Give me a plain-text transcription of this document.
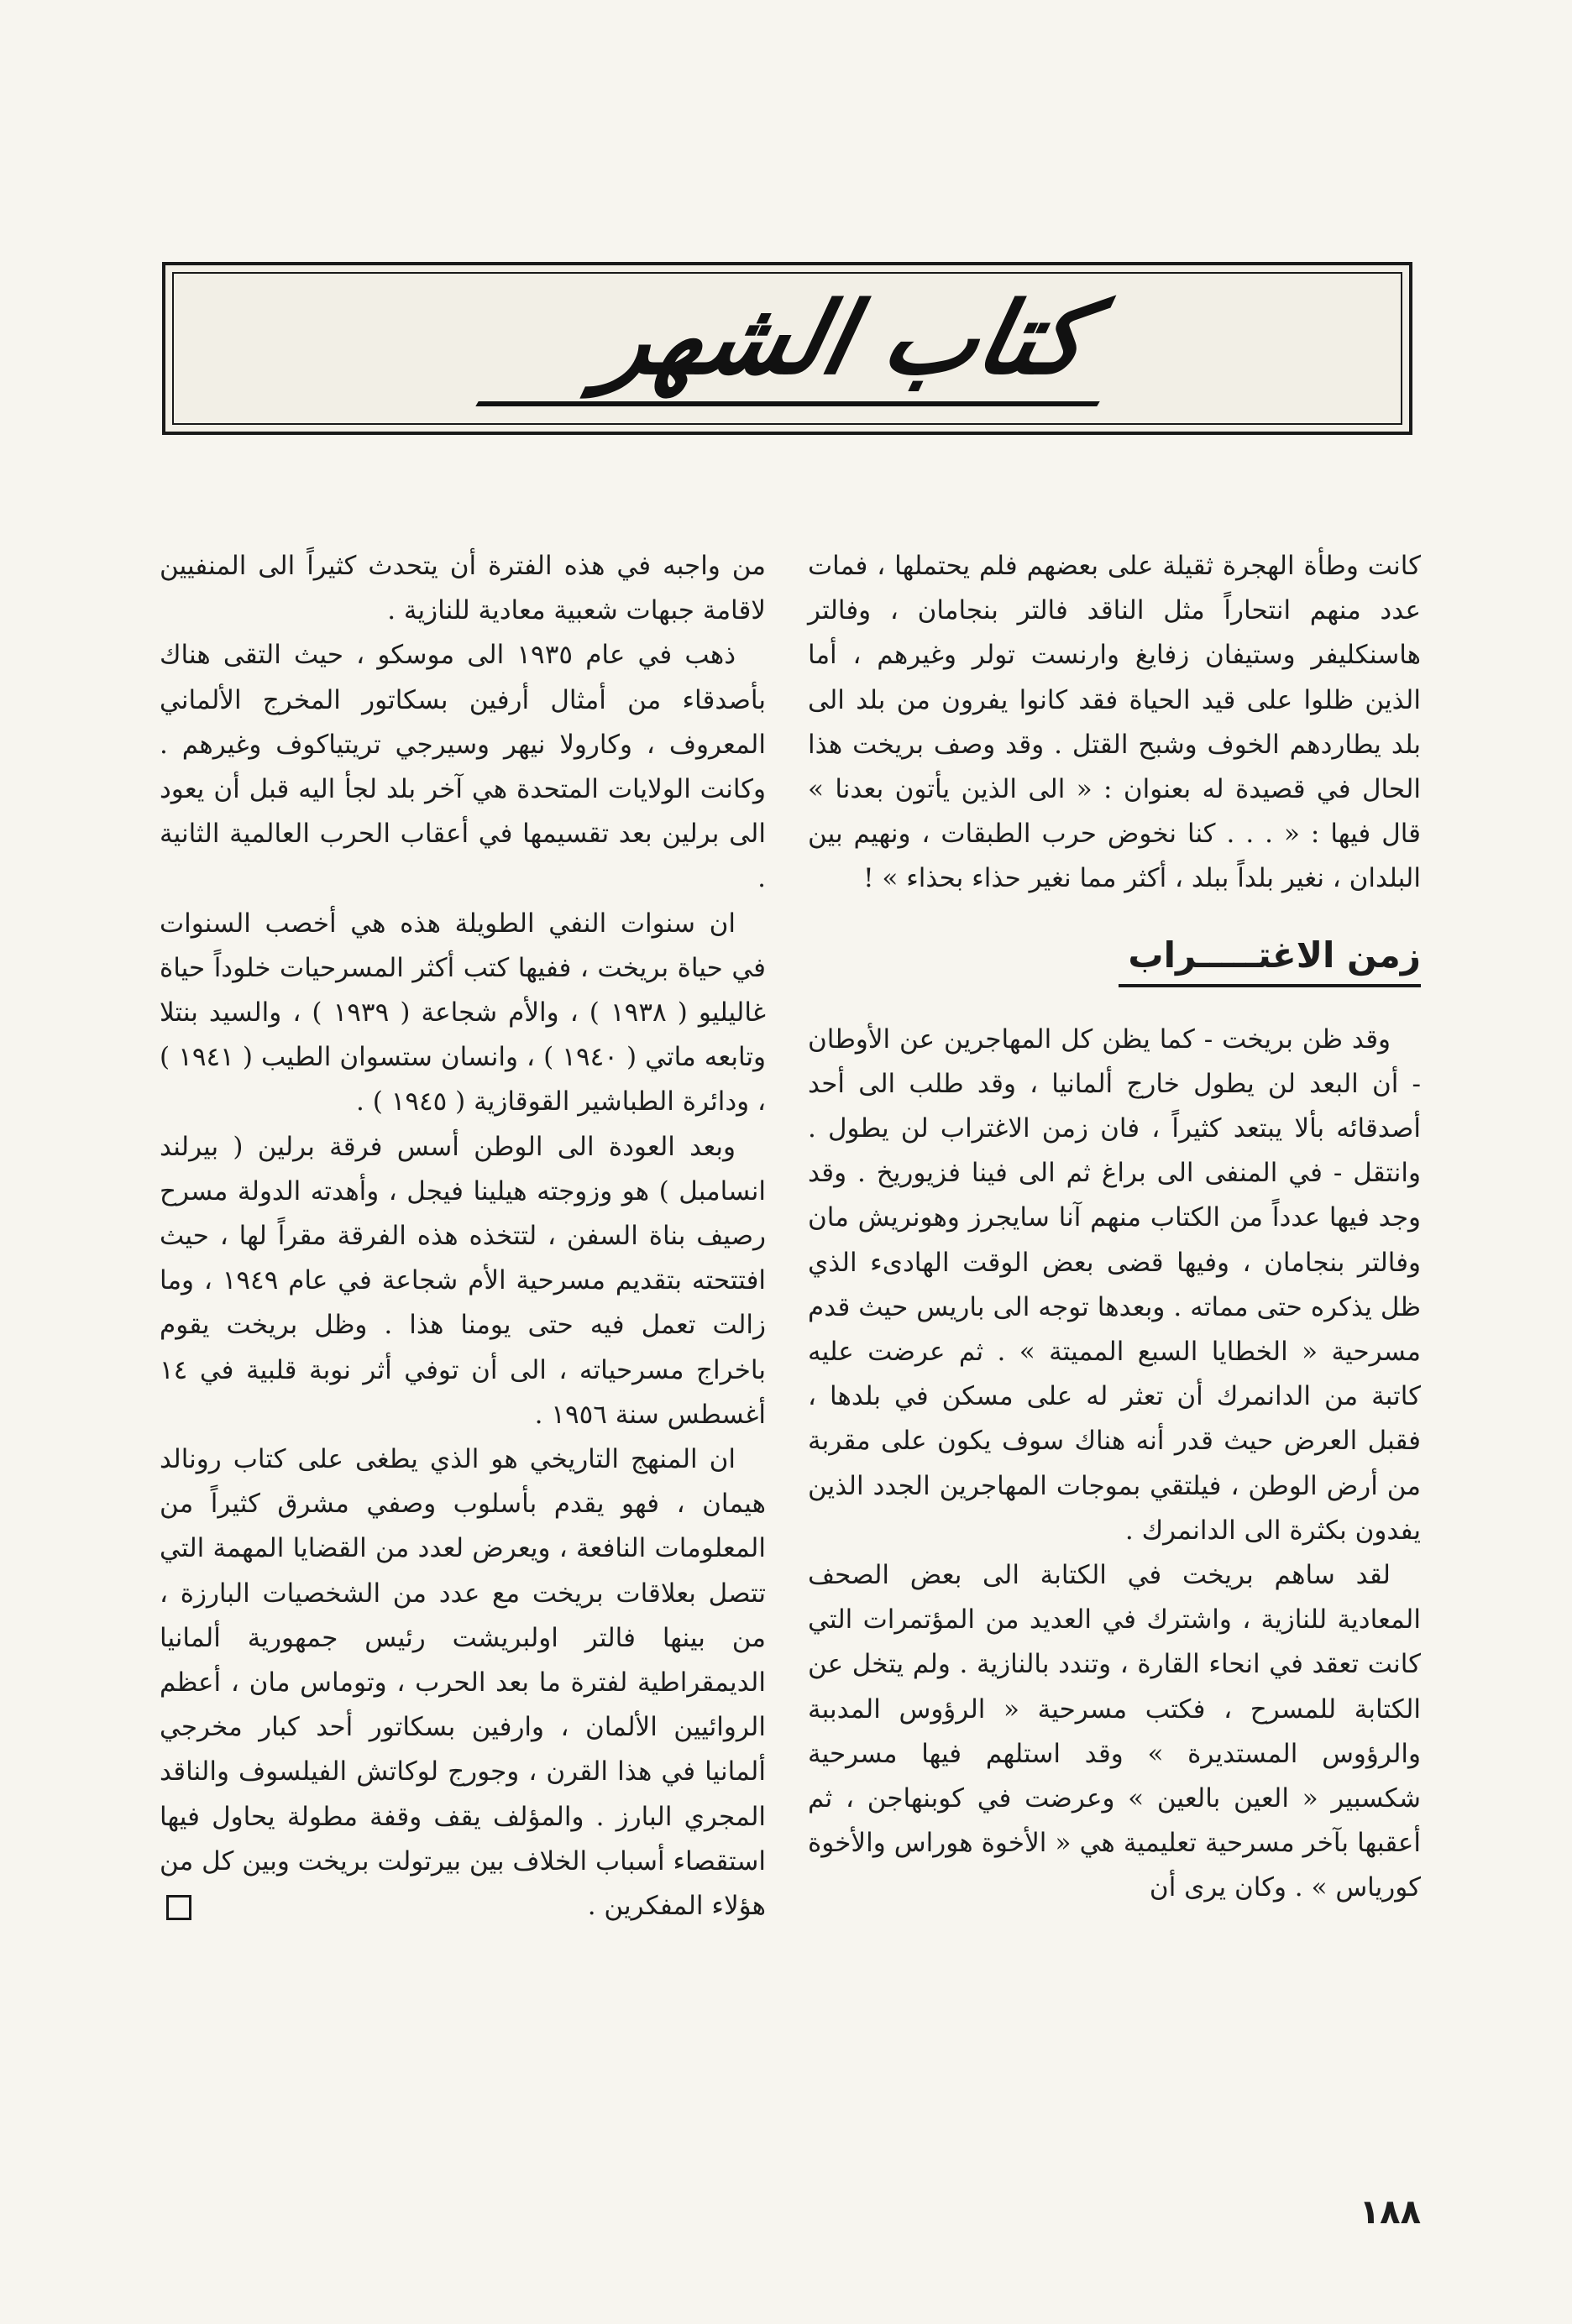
كتاب الشهر

كانت وطأة الهجرة ثقيلة على بعضهم فلم يحتملها ، فمات عدد منهم انتحاراً مثل الناقد فالتر بنجامان ، وفالتر هاسنكليفر وستيفان زفايغ وارنست تولر وغيرهم ، أما الذين ظلوا على قيد الحياة فقد كانوا يفرون من بلد الى بلد يطاردهم الخوف وشبح القتل . وقد وصف بريخت هذا الحال في قصيدة له بعنوان : « الى الذين يأتون بعدنا » قال فيها : « . . . كنا نخوض حرب الطبقات ، ونهيم بين البلدان ، نغير بلداً ببلد ، أكثر مما نغير حذاء بحذاء » !

زمن الاغتـــــراب

وقد ظن بريخت - كما يظن كل المهاجرين عن الأوطان - أن البعد لن يطول خارج ألمانيا ، وقد طلب الى أحد أصدقائه بألا يبتعد كثيراً ، فان زمن الاغتراب لن يطول . وانتقل - في المنفى الى براغ ثم الى فينا فزيوريخ . وقد وجد فيها عدداً من الكتاب منهم آنا سايجرز وهونريش مان وفالتر بنجامان ، وفيها قضى بعض الوقت الهادىء الذي ظل يذكره حتى مماته . وبعدها توجه الى باريس حيث قدم مسرحية « الخطايا السبع المميتة » . ثم عرضت عليه كاتبة من الدانمرك أن تعثر له على مسكن في بلدها ، فقبل العرض حيث قدر أنه هناك سوف يكون على مقربة من أرض الوطن ، فيلتقي بموجات المهاجرين الجدد الذين يفدون بكثرة الى الدانمرك .

لقد ساهم بريخت في الكتابة الى بعض الصحف المعادية للنازية ، واشترك في العديد من المؤتمرات التي كانت تعقد في انحاء القارة ، وتندد بالنازية . ولم يتخل عن الكتابة للمسرح ، فكتب مسرحية « الرؤوس المدببة والرؤوس المستديرة » وقد استلهم فيها مسرحية شكسبير « العين بالعين » وعرضت في كوبنهاجن ، ثم أعقبها بآخر مسرحية تعليمية هي « الأخوة هوراس والأخوة كورياس » . وكان يرى أن

من واجبه في هذه الفترة أن يتحدث كثيراً الى المنفيين لاقامة جبهات شعبية معادية للنازية .

ذهب في عام ١٩٣٥ الى موسكو ، حيث التقى هناك بأصدقاء من أمثال أرفين بسكاتور المخرج الألماني المعروف ، وكارولا نيهر وسيرجي تريتياكوف وغيرهم . وكانت الولايات المتحدة هي آخر بلد لجأ اليه قبل أن يعود الى برلين بعد تقسيمها في أعقاب الحرب العالمية الثانية .

ان سنوات النفي الطويلة هذه هي أخصب السنوات في حياة بريخت ، ففيها كتب أكثر المسرحيات خلوداً حياة غاليليو ( ١٩٣٨ ) ، والأم شجاعة ( ١٩٣٩ ) ، والسيد بنتلا وتابعه ماتي ( ١٩٤٠ ) ، وانسان ستسوان الطيب ( ١٩٤١ ) ، ودائرة الطباشير القوقازية ( ١٩٤٥ ) .

وبعد العودة الى الوطن أسس فرقة برلين ( بيرلند انسامبل ) هو وزوجته هيلينا فيجل ، وأهدته الدولة مسرح رصيف بناة السفن ، لتتخذه هذه الفرقة مقراً لها ، حيث افتتحته بتقديم مسرحية الأم شجاعة في عام ١٩٤٩ ، وما زالت تعمل فيه حتى يومنا هذا . وظل بريخت يقوم باخراج مسرحياته ، الى أن توفي أثر نوبة قلبية في ١٤ أغسطس سنة ١٩٥٦ .

ان المنهج التاريخي هو الذي يطغى على كتاب رونالد هيمان ، فهو يقدم بأسلوب وصفي مشرق كثيراً من المعلومات النافعة ، ويعرض لعدد من القضايا المهمة التي تتصل بعلاقات بريخت مع عدد من الشخصيات البارزة ، من بينها فالتر اولبريشت رئيس جمهورية ألمانيا الديمقراطية لفترة ما بعد الحرب ، وتوماس مان ، أعظم الروائيين الألمان ، وارفين بسكاتور أحد كبار مخرجي ألمانيا في هذا القرن ، وجورج لوكاتش الفيلسوف والناقد المجري البارز . والمؤلف يقف وقفة مطولة يحاول فيها استقصاء أسباب الخلاف بين بيرتولت بريخت وبين كل من هؤلاء المفكرين .

١٨٨
